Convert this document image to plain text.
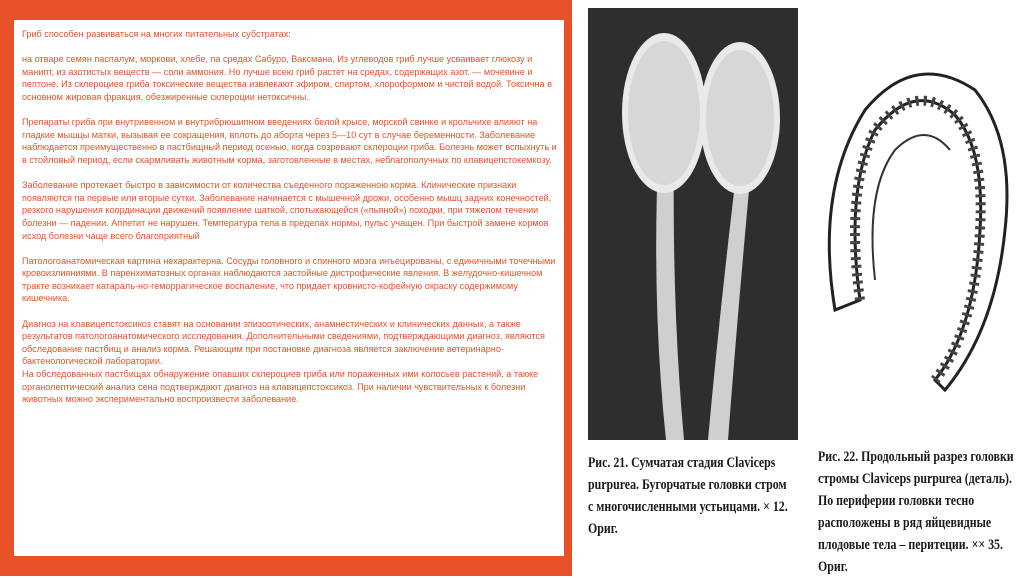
Гриб способен развиваться на многих питательных субстратах:

на отваре семян паспалум, моркови, хлебе, па средах Сабуро, Ваксмана. Из углеводов гриб лучше усваивает глюкозу и манипт, из азотистых веществ — соли аммония. Но лучше всею гриб растет на средах, содержащих азот. — мочевине и пептоне. Из склероциев гриба токсические вещества извлекают эфиром, спиртом, хлороформом и чистой водой. Токсична в основном жировая фракция, обезжиренные склероции нетоксичны.

Препараты гриба при внутривенном и внутрибрюшипном введениях белой крысе, морской свинке и крольчихе влияют на гладкие мышцы матки, вызывая ее сокращения, вплоть до аборта через 5—10 сут в случае беременности. Заболевание наблюдается преимущественно в пастбищный период осенью, когда созревают склероции гриба. Болезнь может вспыхнуть и в стойловый период, если скармливать животным корма, заготовленные в местах, неблагополучных по клавицепстокемкозу.

Заболевание протекает быстро в зависимости от количества съеденного пораженною корма. Клинические признаки появляются па первые или вторые сутки. Заболевание начинается с мышечной дрожи, особенно мышц задних конечностей, резкого нарушения координации движений появление шаткой, спотыкающейся («пьяной») походки, при тяжелом течении болезни — падении. Аппетит не нарушен. Температура тела в пределах нормы, пульс учащен. При быстрой замене кормов исход болезни чаще всего благоприятный

Патологоанатомическая картина нехарактерна. Сосуды головного и спинного мозга инъецированы, с единичными точечными кровоизлияниями. В паренхиматозных органах наблюдаются застойные дистрофические явления. В желудочно-кишечном тракте возникает катараль-но-геморрагическое воспаление, что придает кровнисто-кофейную окраску содержимому кишечника.

Диагноз на клавицепстоксикоз ставят на основании эпизоотических, анамнестических и клинических данных, а также результатов патологоанатомического исследования. Дополнительными сведениями, подтверждающими диагноз, являются обследование пастбищ и анализ корма. Решающим при постановке диагноза является заключение ветеринарно-бактенологической лаборатории.

На обследованных пастбищах обнаружение опавших склероциев гриба или пораженных ими колосьев растений, а также органолептический анализ сена подтверждают диагноз на клавицепстоксикоз. При наличии чувствительных к болезни животных можно экспериментально воспроизвести заболевание.

Рис. 21. Сумчатая стадия Claviceps purpurea. Бугорчатые головки стром с многочисленными устьицами. × 12. Ориг.
Рис. 22. Продольный разрез головки стромы Claviceps purpurea (деталь). По периферии головки тесно расположены в ряд яйцевидные плодовые тела – перитеции. ×× 35. Ориг.
